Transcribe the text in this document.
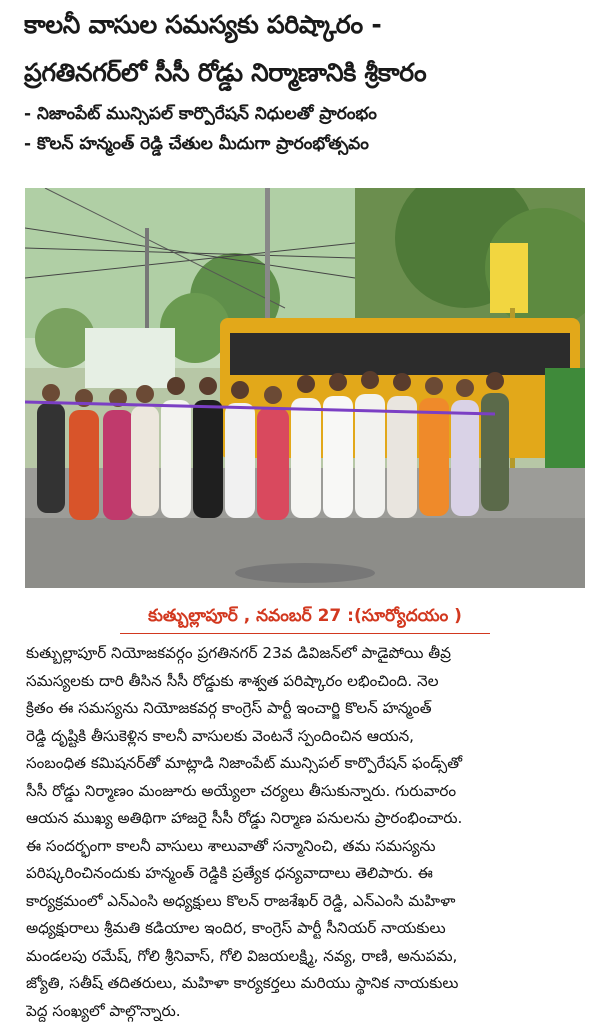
కాలనీ వాసుల సమస్యకు పరిష్కారం -
ప్రగతినగర్‌లో సీసీ రోడ్డు నిర్మాణానికి శ్రీకారం
- నిజాంపేట్ మున్సిపల్ కార్పొరేషన్ నిధులతో ప్రారంభం
- కొలన్ హన్మంత్ రెడ్డి చేతుల మీదుగా ప్రారంభోత్సవం
కుత్బుల్లాపూర్ , నవంబర్ 27 :(సూర్యోదయం )
కుత్బుల్లాపూర్ నియోజకవర్గం ప్రగతినగర్ 23వ డివిజన్‌లో పాడైపోయి తీవ్ర
సమస్యలకు దారి తీసిన సీసీ రోడ్డుకు శాశ్వత పరిష్కారం లభించింది. నెల
క్రితం ఈ సమస్యను నియోజకవర్గ కాంగ్రెస్ పార్టీ ఇంచార్జి కొలన్ హన్మంత్
రెడ్డి దృష్టికి తీసుకెళ్లిన కాలనీ వాసులకు వెంటనే స్పందించిన ఆయన,
సంబంధిత కమిషనర్‌తో మాట్లాడి నిజాంపేట్ మున్సిపల్ కార్పొరేషన్ ఫండ్స్‌తో
సీసీ రోడ్డు నిర్మాణం మంజూరు అయ్యేలా చర్యలు తీసుకున్నారు. గురువారం
ఆయన ముఖ్య అతిథిగా హాజరై సీసీ రోడ్డు నిర్మాణ పనులను ప్రారంభించారు.
ఈ సందర్భంగా కాలనీ వాసులు శాలువాతో సన్మానించి, తమ సమస్యను
పరిష్కరించినందుకు హన్మంత్ రెడ్డికి ప్రత్యేక ధన్యవాదాలు తెలిపారు. ఈ
కార్యక్రమంలో ఎన్ఎంసి అధ్యక్షులు కొలన్ రాజశేఖర్ రెడ్డి, ఎన్ఎంసి మహిళా
అధ్యక్షురాలు శ్రీమతి కడియాల ఇందిర, కాంగ్రెస్ పార్టీ సీనియర్ నాయకులు
మండలపు రమేష్, గోలి శ్రీనివాస్, గోలి విజయలక్ష్మి, నవ్య, రాణి, అనుపమ,
జ్యోతి, సతీష్ తదితరులు, మహిళా కార్యకర్తలు మరియు స్థానిక నాయకులు
పెద్ద సంఖ్యలో పాల్గొన్నారు.
